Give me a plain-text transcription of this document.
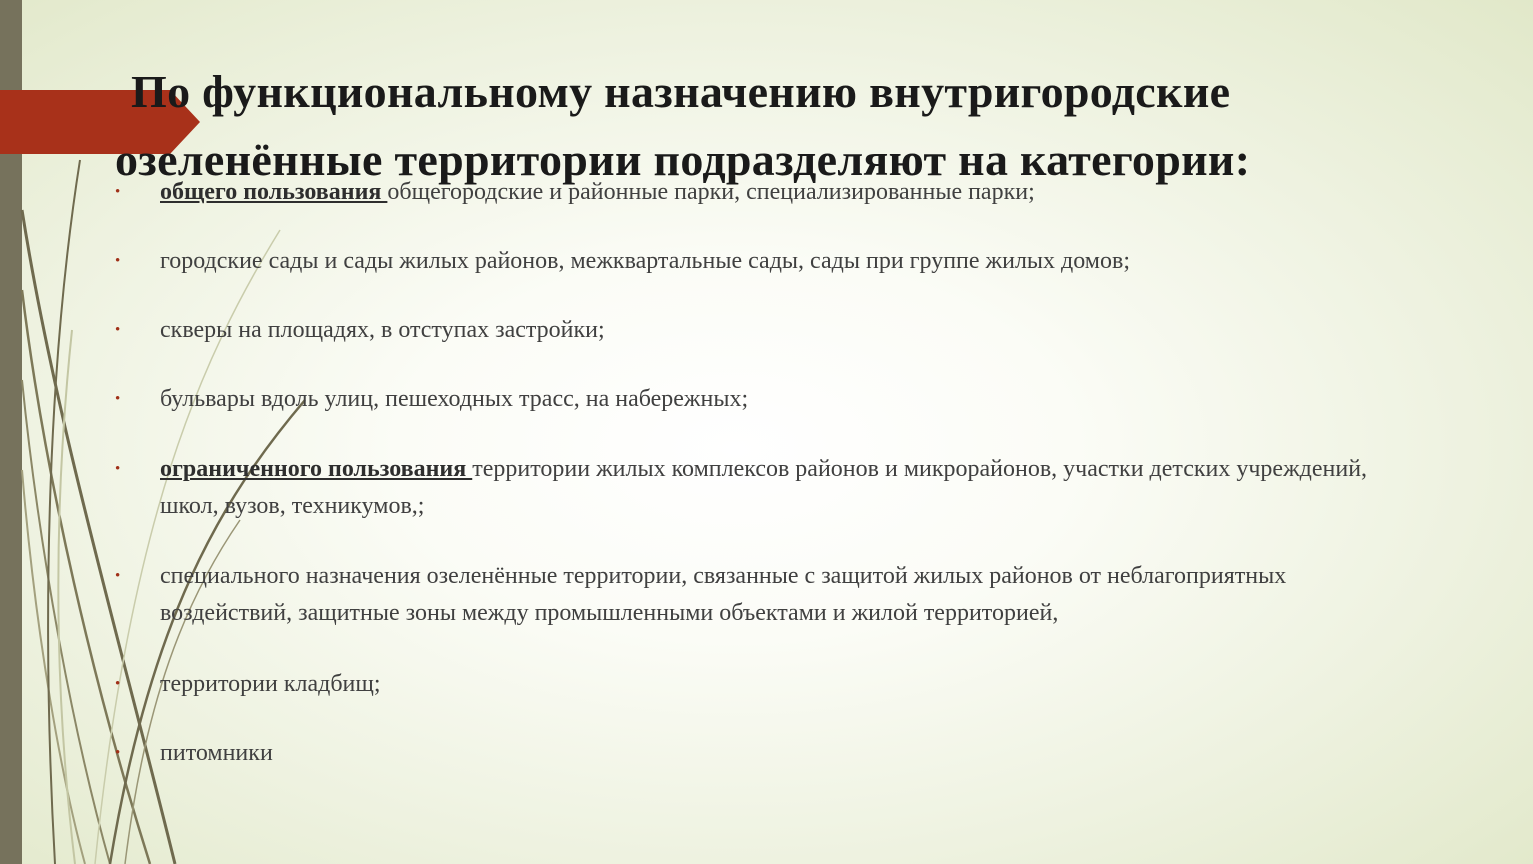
По функциональному назначению внутригородские
озеленённые территории подразделяют на категории:
• общего пользования общегородские и районные парки, специализированные парки;
• городские сады и сады жилых районов, межквартальные сады, сады при группе жилых домов;
• скверы на площадях, в отступах застройки;
• бульвары вдоль улиц, пешеходных трасс, на набережных;
• ограниченного пользования территории жилых комплексов районов и микрорайонов, участки детских учреждений, школ, вузов, техникумов,;
• специального назначения озеленённые территории, связанные с защитой жилых районов от неблагоприятных воздействий, защитные зоны между промышленными объектами и жилой территорией,
• территории кладбищ;
• питомники
